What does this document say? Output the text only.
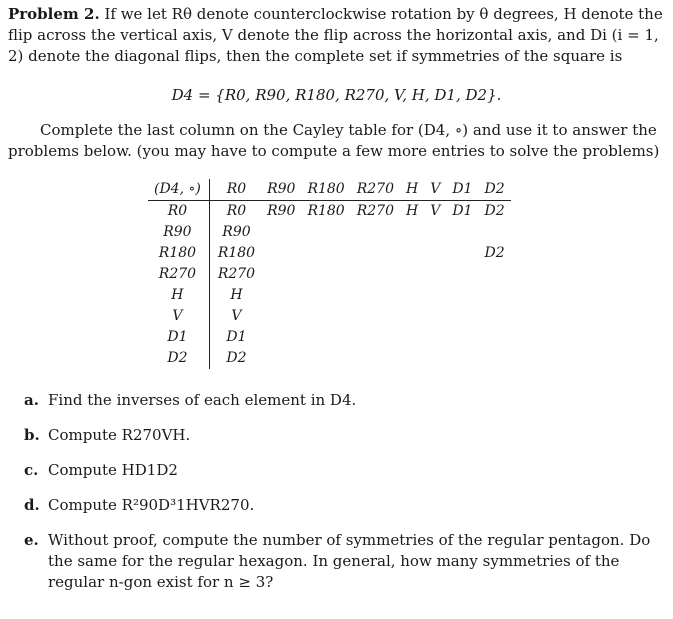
Problem 2. If we let Rθ denote counterclockwise rotation by θ degrees, H denote the flip across the vertical axis, V denote the flip across the horizontal axis, and Di (i = 1, 2) denote the diagonal flips, then the complete set if symmetries of the square is
D4 = {R0, R90, R180, R270, V, H, D1, D2}.
Complete the last column on the Cayley table for (D4, ∘) and use it to answer the problems below. (you may have to compute a few more entries to solve the problems)
(D4, ∘)	R0	R90	R180	R270	H	V	D1	D2
R0	R0	R90	R180	R270	H	V	D1	D2
R90	R90							
R180	R180							D2
R270	R270							
H	H							
V	V							
D1	D1							
D2	D2							
a. Find the inverses of each element in D4.
b. Compute R270VH.
c. Compute HD1D2
d. Compute R²90D³1HVR270.
e. Without proof, compute the number of symmetries of the regular pentagon. Do the same for the regular hexagon. In general, how many symmetries of the regular n-gon exist for n ≥ 3?
